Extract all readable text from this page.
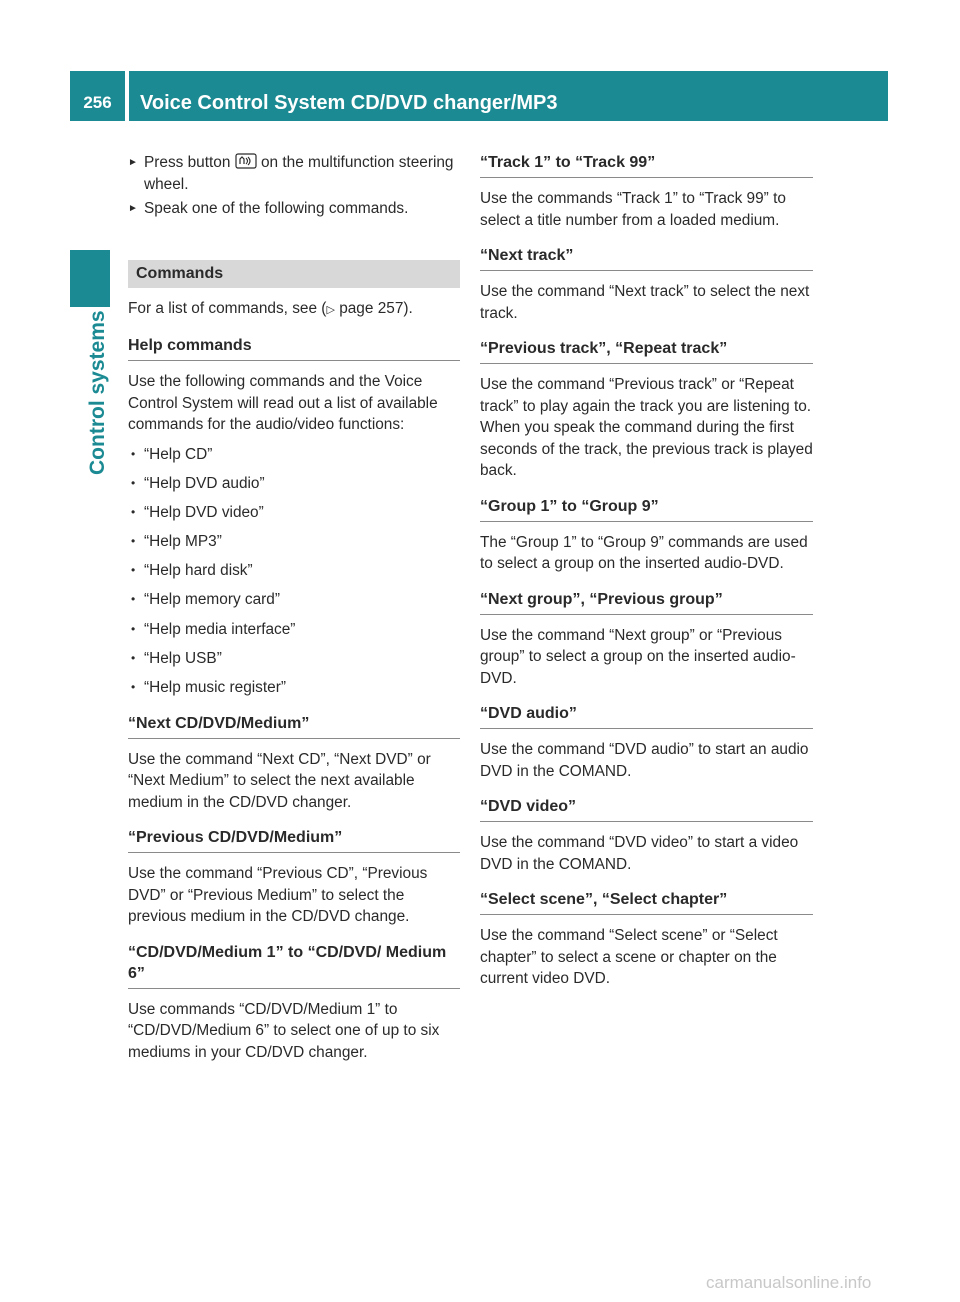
256	Voice Control System CD/DVD changer/MP3
Control systems
► Press button on the multifunction steering wheel.
► Speak one of the following commands.
Commands

For a list of commands, see (▷ page 257).

Help commands

Use the following commands and the Voice Control System will read out a list of available commands for the audio/video functions:

• “Help CD”
• “Help DVD audio”
• “Help DVD video”
• “Help MP3”
• “Help hard disk”
• “Help memory card”
• “Help media interface”
• “Help USB”
• “Help music register”
“Next CD/DVD/Medium”

Use the command “Next CD”, “Next DVD” or “Next Medium” to select the next available medium in the CD/DVD changer.

“Previous CD/DVD/Medium”

Use the command “Previous CD”, “Previous DVD” or “Previous Medium” to select the previous medium in the CD/DVD change.

“CD/DVD/Medium 1” to “CD/DVD/ Medium 6”

Use commands “CD/DVD/Medium 1” to “CD/DVD/Medium 6” to select one of up to six mediums in your CD/DVD changer.

“Track 1” to “Track 99”

Use the commands “Track 1” to “Track 99” to select a title number from a loaded medium.

“Next track”

Use the command “Next track” to select the next track.

“Previous track”, “Repeat track”

Use the command “Previous track” or “Repeat track” to play again the track you are listening to. When you speak the command during the first seconds of the track, the previous track is played back.

“Group 1” to “Group 9”

The “Group 1” to “Group 9” commands are used to select a group on the inserted audio-DVD.

“Next group”, “Previous group”

Use the command “Next group” or “Previous group” to select a group on the inserted audio-DVD.

“DVD audio”

Use the command “DVD audio” to start an audio DVD in the COMAND.

“DVD video”

Use the command “DVD video” to start a video DVD in the COMAND.

“Select scene”, “Select chapter”

Use the command “Select scene” or “Select chapter” to select a scene or chapter on the current video DVD.

carmanualsonline.info
